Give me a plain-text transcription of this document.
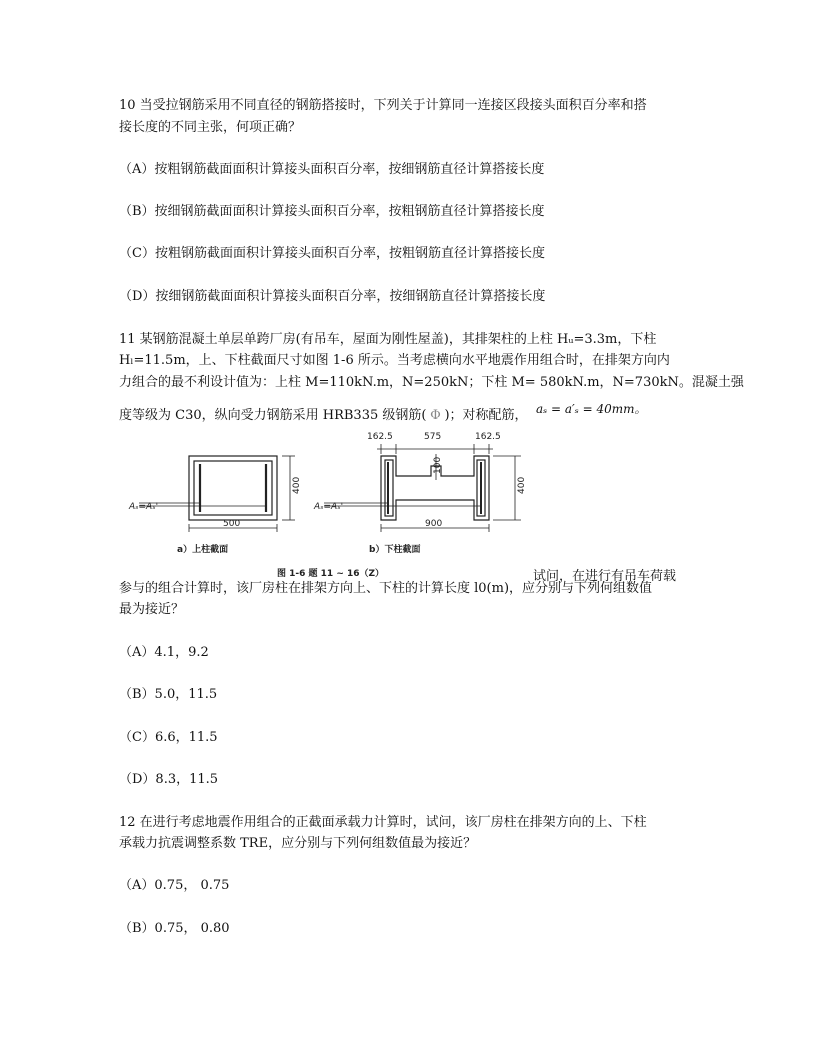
10 当受拉钢筋采用不同直径的钢筋搭接时，下列关于计算同一连接区段接头面积百分率和搭
接长度的不同主张，何项正确？
（A）按粗钢筋截面面积计算接头面积百分率，按细钢筋直径计算搭接长度
（B）按细钢筋截面面积计算接头面积百分率，按粗钢筋直径计算搭接长度
（C）按粗钢筋截面面积计算接头面积百分率，按粗钢筋直径计算搭接长度
（D）按细钢筋截面面积计算接头面积百分率，按细钢筋直径计算搭接长度
11 某钢筋混凝土单层单跨厂房(有吊车，屋面为刚性屋盖)，其排架柱的上柱 Hᵤ=3.3m，下柱
Hₗ=11.5m，上、下柱截面尺寸如图 1-6 所示。当考虑横向水平地震作用组合时，在排架方向内
力组合的最不利设计值为：上柱 M=110kN.m，N=250kN；下柱 M= 580kN.m，N=730kN。混凝土强
度等级为 C30，纵向受力钢筋采用 HRB335 级钢筋( Φ )；对称配筋， aₛ = a′ₛ = 40mm。
Aₛ=Aₛ'	Aₛ=Aₛ'
500
400
900
400
162.5	575	162.5
100
a）上柱截面	b）下柱截面
图 1-6 题 11 ~ 16（Z）	试问，在进行有吊车荷载
参与的组合计算时，该厂房柱在排架方向上、下柱的计算长度 l0(m)，应分别与下列何组数值
最为接近？
（A）4.1，9.2
（B）5.0，11.5
（C）6.6，11.5
（D）8.3，11.5
12 在进行考虑地震作用组合的正截面承载力计算时，试问，该厂房柱在排架方向的上、下柱
承载力抗震调整系数 TRE，应分别与下列何组数值最为接近？
（A）0.75， 0.75
（B）0.75， 0.80
